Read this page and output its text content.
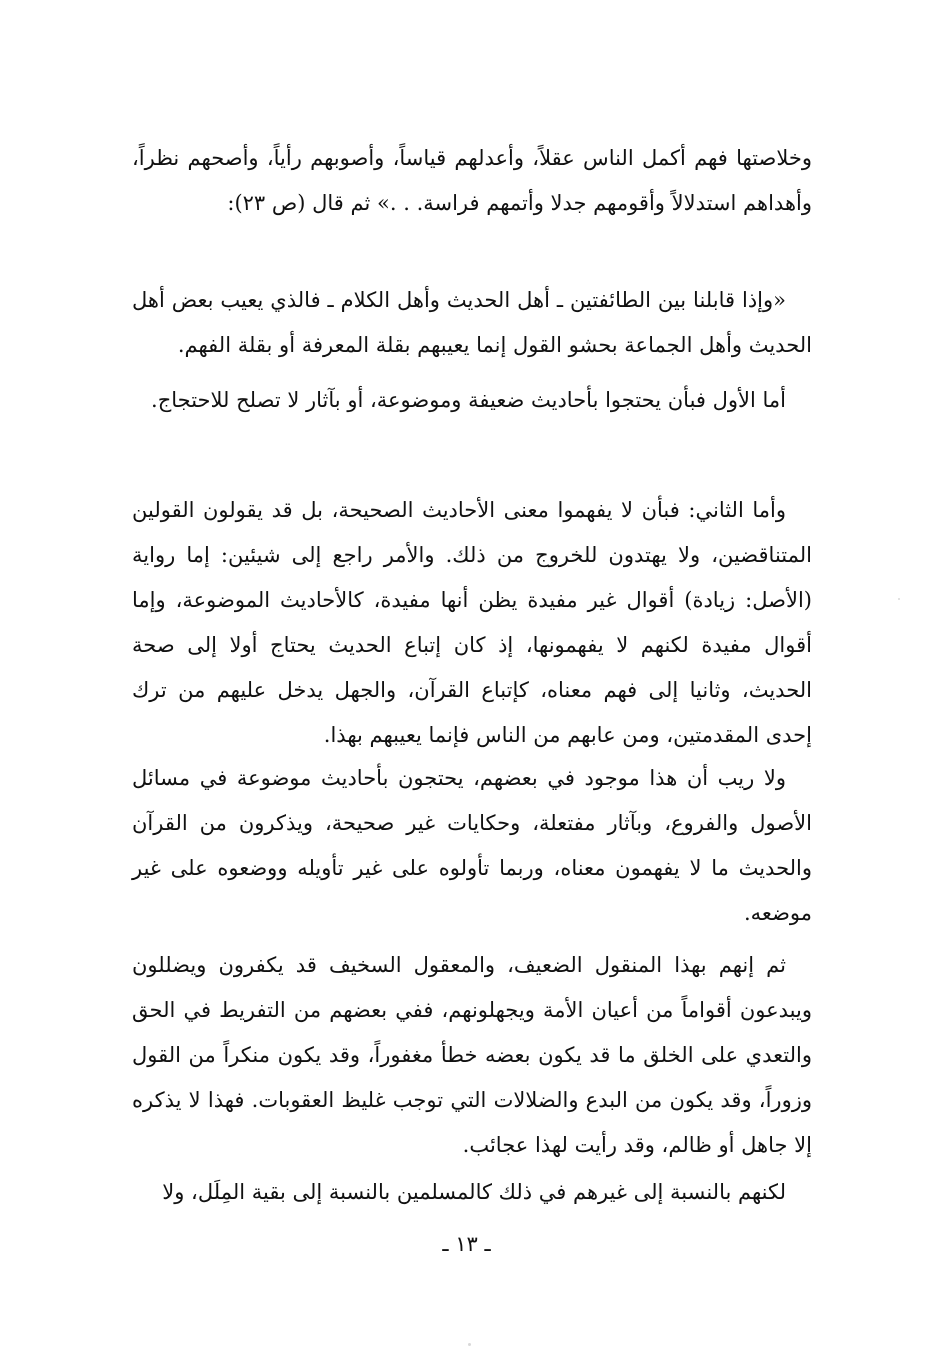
وخلاصتها فهم أكمل الناس عقلاً، وأعدلهم قياساً، وأصوبهم رأياً، وأصحهم نظراً، وأهداهم استدلالاً وأقومهم جدلا وأتمهم فراسة. . .» ثم قال (ص ٢٣):

«وإذا قابلنا بين الطائفتين ـ أهل الحديث وأهل الكلام ـ فالذي يعيب بعض أهل الحديث وأهل الجماعة بحشو القول إنما يعيبهم بقلة المعرفة أو بقلة الفهم.

أما الأول فبأن يحتجوا بأحاديث ضعيفة وموضوعة، أو بآثار لا تصلح للاحتجاج.

وأما الثاني: فبأن لا يفهموا معنى الأحاديث الصحيحة، بل قد يقولون القولين المتناقضين، ولا يهتدون للخروج من ذلك. والأمر راجع إلى شيئين: إما رواية (الأصل: زيادة) أقوال غير مفيدة يظن أنها مفيدة، كالأحاديث الموضوعة، وإما أقوال مفيدة لكنهم لا يفهمونها، إذ كان إتباع الحديث يحتاج أولا إلى صحة الحديث، وثانيا إلى فهم معناه، كإتباع القرآن، والجهل يدخل عليهم من ترك إحدى المقدمتين، ومن عابهم من الناس فإنما يعيبهم بهذا.

ولا ريب أن هذا موجود في بعضهم، يحتجون بأحاديث موضوعة في مسائل الأصول والفروع، وبآثار مفتعلة، وحكايات غير صحيحة، ويذكرون من القرآن والحديث ما لا يفهمون معناه، وربما تأولوه على غير تأويله ووضعوه على غير موضعه.

ثم إنهم بهذا المنقول الضعيف، والمعقول السخيف قد يكفرون ويضللون ويبدعون أقواماً من أعيان الأمة ويجهلونهم، ففي بعضهم من التفريط في الحق والتعدي على الخلق ما قد يكون بعضه خطأ مغفوراً، وقد يكون منكراً من القول وزوراً، وقد يكون من البدع والضلالات التي توجب غليظ العقوبات. فهذا لا يذكره إلا جاهل أو ظالم، وقد رأيت لهذا عجائب.

لكنهم بالنسبة إلى غيرهم في ذلك كالمسلمين بالنسبة إلى بقية المِلَل، ولا

ـ ١٣ ـ
